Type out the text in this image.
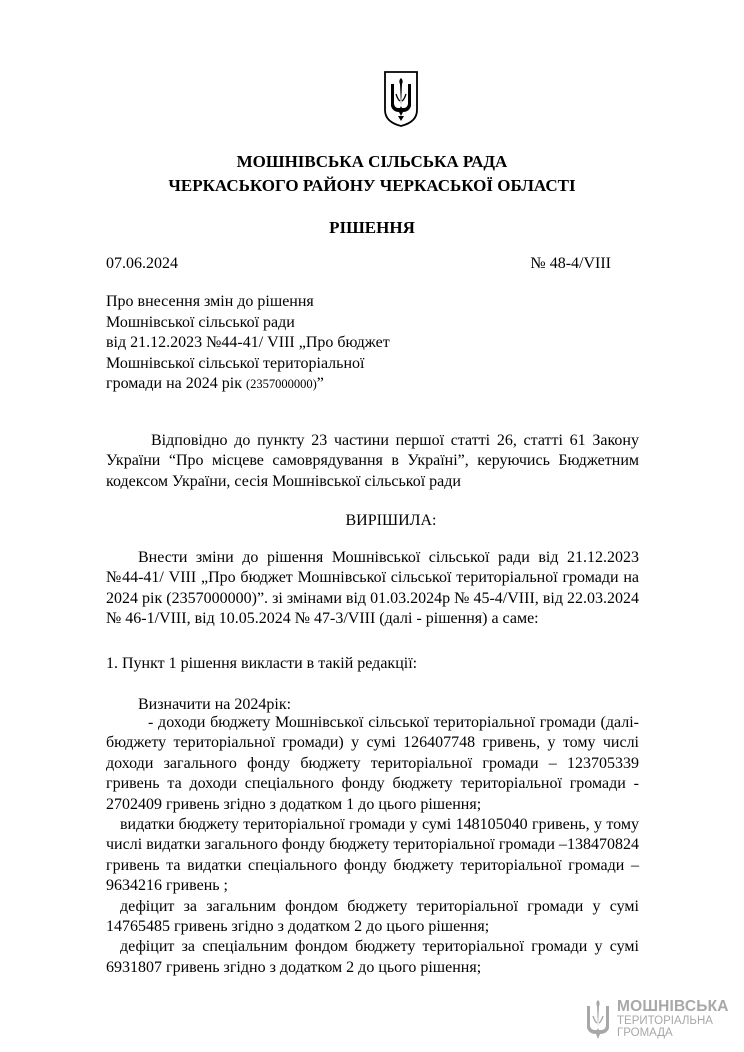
МОШНІВСЬКА СІЛЬСЬКА РАДА
ЧЕРКАСЬКОГО РАЙОНУ ЧЕРКАСЬКОЇ ОБЛАСТІ
РІШЕННЯ
07.06.2024	№ 48-4/VIII
Про внесення змін до рішення
Мошнівської сільської ради
від 21.12.2023 №44-41/ VIII „Про бюджет
Мошнівської сільської територіальної
громади на 2024 рік (2357000000)”

Відповідно до пункту 23 частини першої статті 26, статті 61 Закону України “Про місцеве самоврядування в Україні”, керуючись Бюджетним кодексом України, сесія Мошнівської сільської ради

ВИРІШИЛА:

Внести зміни до рішення Мошнівської сільської ради від 21.12.2023 №44-41/ VIII „Про бюджет Мошнівської сільської територіальної громади на 2024 рік (2357000000)”. зі змінами від 01.03.2024р № 45-4/VIII, від 22.03.2024 № 46-1/VIII, від 10.05.2024 № 47-3/VIII (далі - рішення) а саме:

1. Пункт 1 рішення викласти в такій редакції:

Визначити на 2024рік:

- доходи бюджету Мошнівської сільської територіальної громади (далі-бюджету територіальної громади) у сумі 126407748 гривень, у тому числі доходи загального фонду бюджету територіальної громади – 123705339 гривень та доходи спеціального фонду бюджету територіальної громади - 2702409 гривень згідно з додатком 1 до цього рішення;

видатки бюджету територіальної громади у сумі 148105040 гривень, у тому числі видатки загального фонду бюджету територіальної громади –138470824 гривень та видатки спеціального фонду бюджету територіальної громади – 9634216 гривень ;

дефіцит за загальним фондом бюджету територіальної громади у сумі 14765485 гривень згідно з додатком 2 до цього рішення;

дефіцит за спеціальним фондом бюджету територіальної громади у сумі 6931807 гривень згідно з додатком 2 до цього рішення;

МОШНІВСЬКА
ТЕРИТОРІАЛЬНА
ГРОМАДА
